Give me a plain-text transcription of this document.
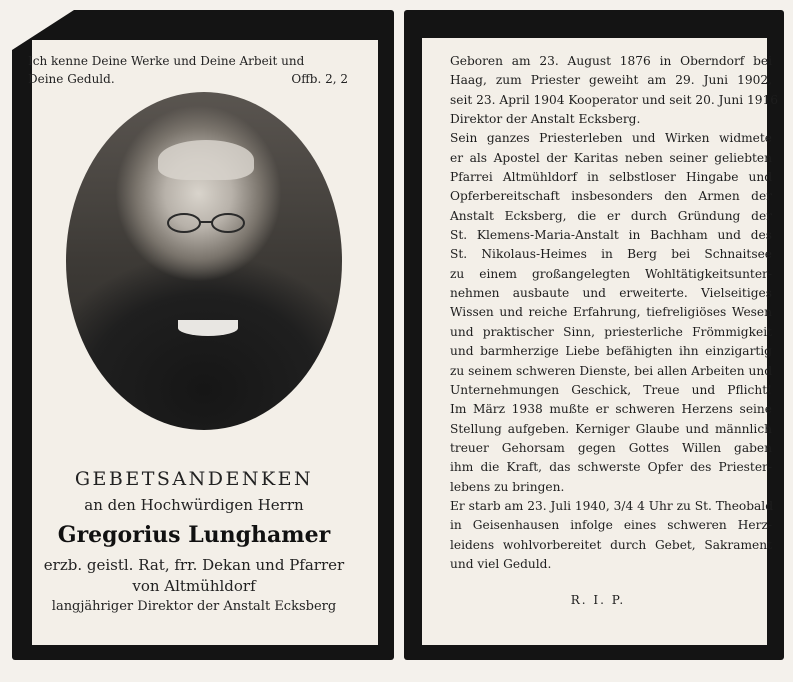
Ich kenne Deine Werke und Deine Arbeit und
Deine Geduld.	Offb. 2, 2
GEBETSANDENKEN
an den Hochwürdigen Herrn
Gregorius Lunghamer
erzb. geistl. Rat, frr. Dekan und Pfarrer
von Altmühldorf
langjähriger Direktor der Anstalt Ecksberg
Geboren am 23. August 1876 in Oberndorf bei
Haag, zum Priester geweiht am 29. Juni 1902,
seit 23. April 1904 Kooperator und seit 20. Juni 1916
Direktor der Anstalt Ecksberg.
Sein ganzes Priesterleben und Wirken widmete
er als Apostel der Karitas neben seiner geliebten
Pfarrei Altmühldorf in selbstloser Hingabe und
Opferbereitschaft insbesonders den Armen der
Anstalt Ecksberg, die er durch Gründung der
St. Klemens-Maria-Anstalt in Bachham und des
St. Nikolaus-Heimes in Berg bei Schnaitsee
zu einem großangelegten Wohltätigkeitsunter-
nehmen ausbaute und erweiterte. Vielseitiges
Wissen und reiche Erfahrung, tiefreligiöses Wesen
und praktischer Sinn, priesterliche Frömmigkeit
und barmherzige Liebe befähigten ihn einzigartig
zu seinem schweren Dienste, bei allen Arbeiten und
Unternehmungen Geschick, Treue und Pflicht!
Im März 1938 mußte er schweren Herzens seine
Stellung aufgeben. Kerniger Glaube und männlich
treuer Gehorsam gegen Gottes Willen gaben
ihm die Kraft, das schwerste Opfer des Priester-
lebens zu bringen.
Er starb am 23. Juli 1940, 3/4 4 Uhr zu St. Theobald
in Geisenhausen infolge eines schweren Herz-
leidens wohlvorbereitet durch Gebet, Sakrament
und viel Geduld.
R. I. P.
